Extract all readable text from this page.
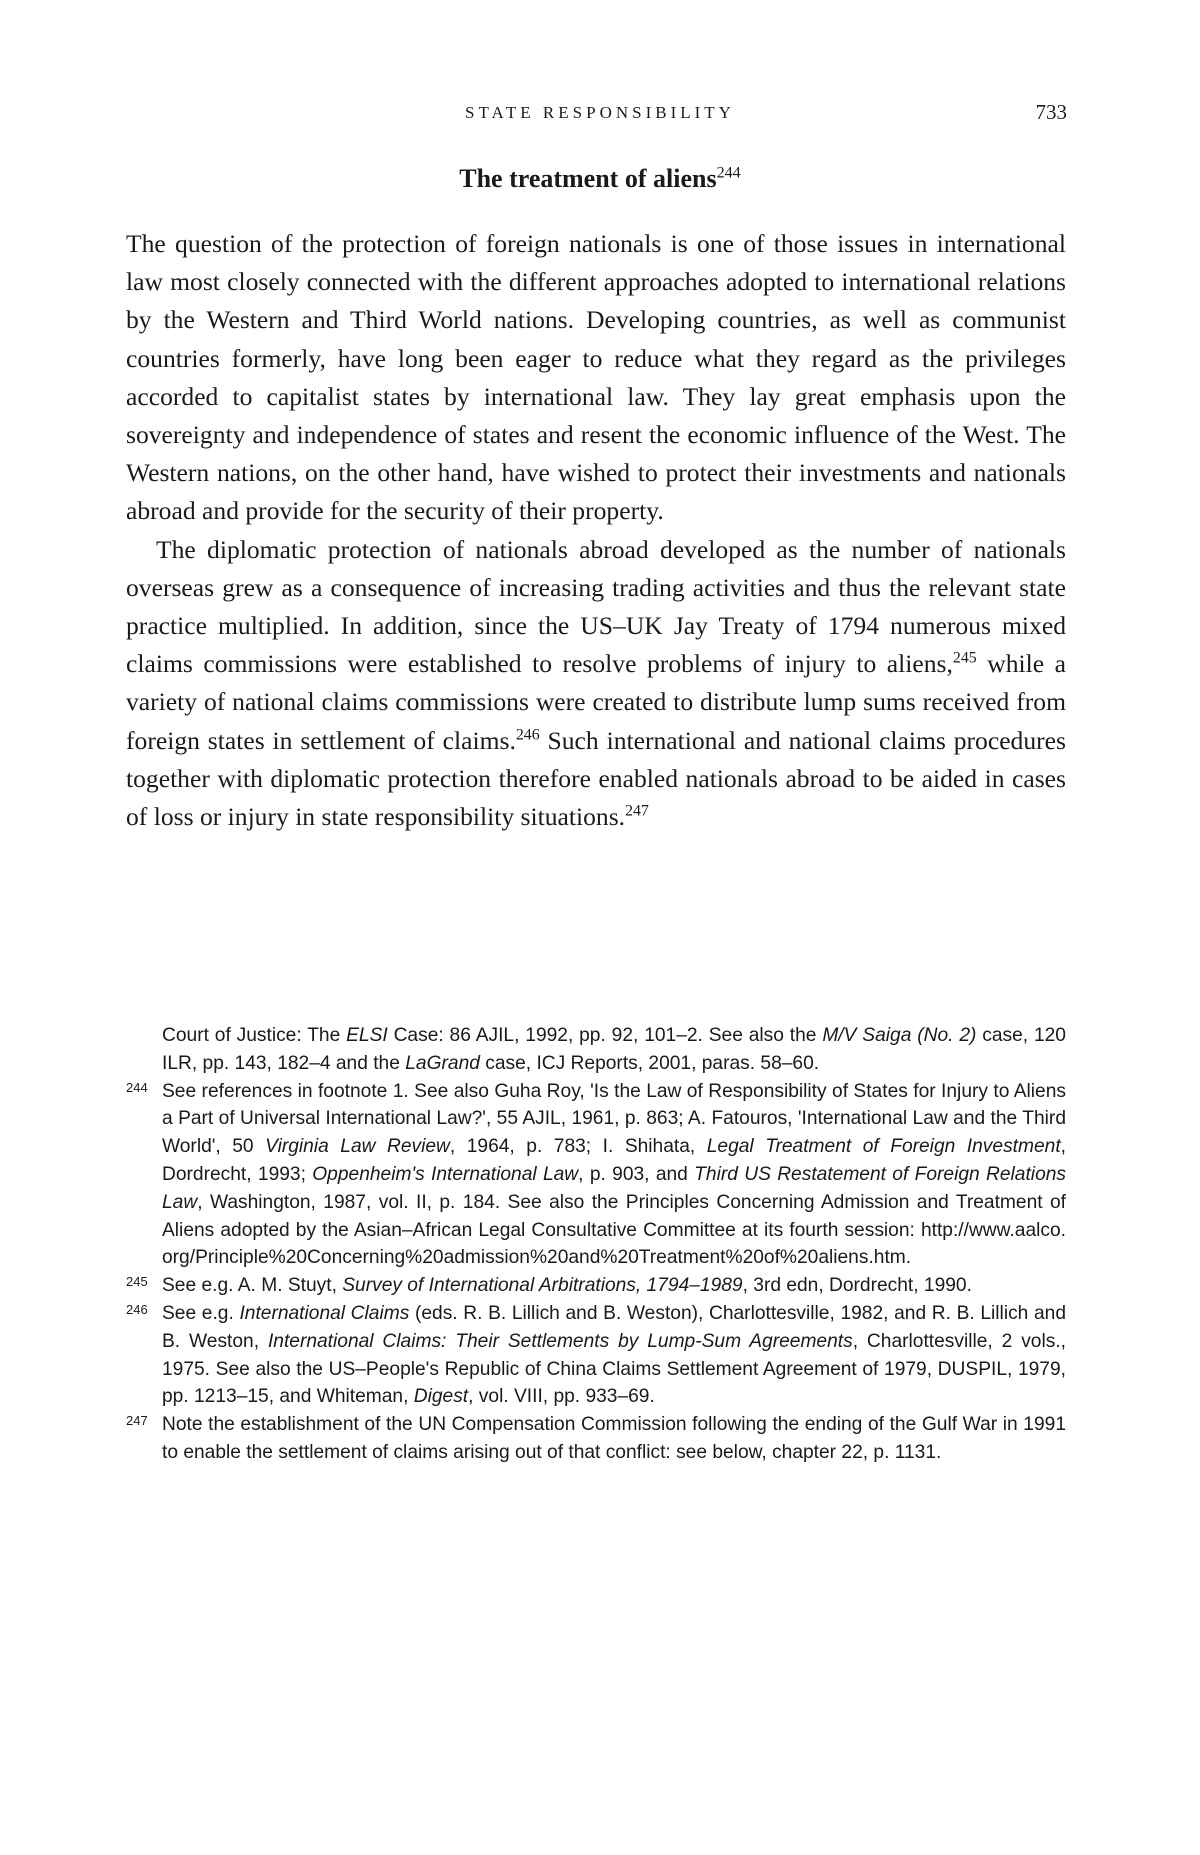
STATE RESPONSIBILITY	733
The treatment of aliens$^{244}$

The question of the protection of foreign nationals is one of those issues in international law most closely connected with the different approaches adopted to international relations by the Western and Third World nations. Developing countries, as well as communist countries formerly, have long been eager to reduce what they regard as the privileges accorded to capitalist states by international law. They lay great emphasis upon the sovereignty and independence of states and resent the economic influence of the West. The Western nations, on the other hand, have wished to protect their investments and nationals abroad and provide for the security of their property.

The diplomatic protection of nationals abroad developed as the number of nationals overseas grew as a consequence of increasing trading activities and thus the relevant state practice multiplied. In addition, since the US–UK Jay Treaty of 1794 numerous mixed claims commissions were established to resolve problems of injury to aliens,$^{245}$ while a variety of national claims commissions were created to distribute lump sums received from foreign states in settlement of claims.$^{246}$ Such international and national claims procedures together with diplomatic protection therefore enabled nationals abroad to be aided in cases of loss or injury in state responsibility situations.$^{247}$

Court of Justice: The ELSI Case: 86 AJIL, 1992, pp. 92, 101–2. See also the M/V Saiga (No. 2) case, 120 ILR, pp. 143, 182–4 and the LaGrand case, ICJ Reports, 2001, paras. 58–60.

244 See references in footnote 1. See also Guha Roy, 'Is the Law of Responsibility of States for Injury to Aliens a Part of Universal International Law?', 55 AJIL, 1961, p. 863; A. Fatouros, 'International Law and the Third World', 50 Virginia Law Review, 1964, p. 783; I. Shihata, Legal Treatment of Foreign Investment, Dordrecht, 1993; Oppenheim's International Law, p. 903, and Third US Restatement of Foreign Relations Law, Washington, 1987, vol. II, p. 184. See also the Principles Concerning Admission and Treatment of Aliens adopted by the Asian–African Legal Consultative Committee at its fourth session: http://www.aalco.org/Principle%20Concerning%20admission%20and%20Treatment%20of%20aliens.htm.

245 See e.g. A. M. Stuyt, Survey of International Arbitrations, 1794–1989, 3rd edn, Dordrecht, 1990.

246 See e.g. International Claims (eds. R. B. Lillich and B. Weston), Charlottesville, 1982, and R. B. Lillich and B. Weston, International Claims: Their Settlements by Lump-Sum Agreements, Charlottesville, 2 vols., 1975. See also the US–People's Republic of China Claims Settlement Agreement of 1979, DUSPIL, 1979, pp. 1213–15, and Whiteman, Digest, vol. VIII, pp. 933–69.

247 Note the establishment of the UN Compensation Commission following the ending of the Gulf War in 1991 to enable the settlement of claims arising out of that conflict: see below, chapter 22, p. 1131.
